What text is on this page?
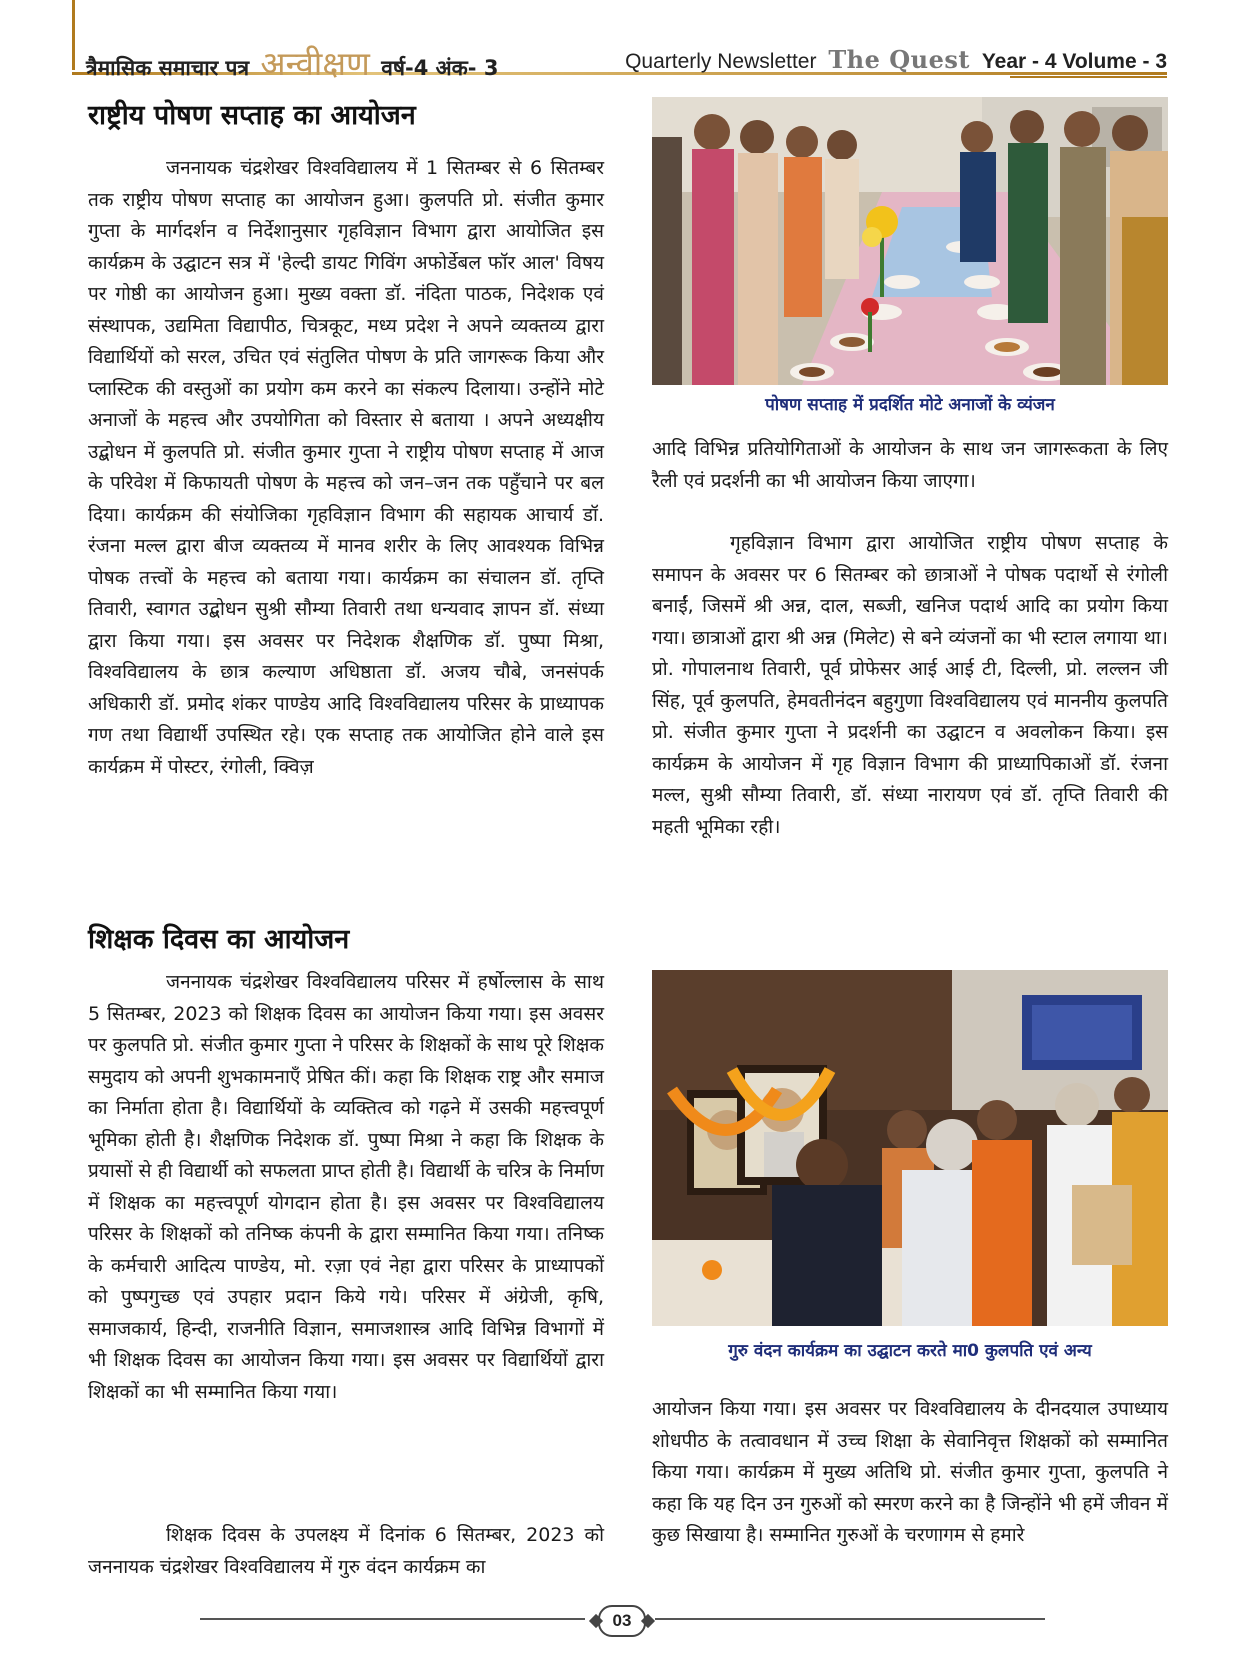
त्रैमासिक समाचार पत्र अन्वीक्षण वर्ष-4 अंक- 3	Quarterly Newsletter The Quest Year - 4 Volume - 3
राष्ट्रीय पोषण सप्ताह का आयोजन

जननायक चंद्रशेखर विश्वविद्यालय में 1 सितम्बर से 6 सितम्बर तक राष्ट्रीय पोषण सप्ताह का आयोजन हुआ। कुलपति प्रो. संजीत कुमार गुप्ता के मार्गदर्शन व निर्देशानुसार गृहविज्ञान विभाग द्वारा आयोजित इस कार्यक्रम के उद्घाटन सत्र में 'हेल्दी डायट गिविंग अफोर्डेबल फॉर आल' विषय पर गोष्ठी का आयोजन हुआ। मुख्य वक्ता डॉ. नंदिता पाठक, निदेशक एवं संस्थापक, उद्यमिता विद्यापीठ, चित्रकूट, मध्य प्रदेश ने अपने व्यक्तव्य द्वारा विद्यार्थियों को सरल, उचित एवं संतुलित पोषण के प्रति जागरूक किया और प्लास्टिक की वस्तुओं का प्रयोग कम करने का संकल्प दिलाया। उन्होंने मोटे अनाजों के महत्त्व और उपयोगिता को विस्तार से बताया । अपने अध्यक्षीय उद्बोधन में कुलपति प्रो. संजीत कुमार गुप्ता ने राष्ट्रीय पोषण सप्ताह में आज के परिवेश में किफायती पोषण के महत्त्व को जन–जन तक पहुँचाने पर बल दिया। कार्यक्रम की संयोजिका गृहविज्ञान विभाग की सहायक आचार्य डॉ. रंजना मल्ल द्वारा बीज व्यक्तव्य में मानव शरीर के लिए आवश्यक विभिन्न पोषक तत्त्वों के महत्त्व को बताया गया। कार्यक्रम का संचालन डॉ. तृप्ति तिवारी, स्वागत उद्बोधन सुश्री सौम्या तिवारी तथा धन्यवाद ज्ञापन डॉ. संध्या द्वारा किया गया। इस अवसर पर निदेशक शैक्षणिक डॉ. पुष्पा मिश्रा, विश्वविद्यालय के छात्र कल्याण अधिष्ठाता डॉ. अजय चौबे, जनसंपर्क अधिकारी डॉ. प्रमोद शंकर पाण्डेय आदि विश्वविद्यालय परिसर के प्राध्यापक गण तथा विद्यार्थी उपस्थित रहे। एक सप्ताह तक आयोजित होने वाले इस कार्यक्रम में पोस्टर, रंगोली, क्विज़

पोषण सप्ताह में प्रदर्शित मोटे अनाजों के व्यंजन

आदि विभिन्न प्रतियोगिताओं के आयोजन के साथ जन जागरूकता के लिए रैली एवं प्रदर्शनी का भी आयोजन किया जाएगा।

गृहविज्ञान विभाग द्वारा आयोजित राष्ट्रीय पोषण सप्ताह के समापन के अवसर पर 6 सितम्बर को छात्राओं ने पोषक पदार्थो से रंगोली बनाईं, जिसमें श्री अन्न, दाल, सब्जी, खनिज पदार्थ आदि का प्रयोग किया गया। छात्राओं द्वारा श्री अन्न (मिलेट) से बने व्यंजनों का भी स्टाल लगाया था। प्रो. गोपालनाथ तिवारी, पूर्व प्रोफेसर आई आई टी, दिल्ली, प्रो. लल्लन जी सिंह, पूर्व कुलपति, हेमवतीनंदन बहुगुणा विश्वविद्यालय एवं माननीय कुलपति प्रो. संजीत कुमार गुप्ता ने प्रदर्शनी का उद्घाटन व अवलोकन किया। इस कार्यक्रम के आयोजन में गृह विज्ञान विभाग की प्राध्यापिकाओं डॉ. रंजना मल्ल, सुश्री सौम्या तिवारी, डॉ. संध्या नारायण एवं डॉ. तृप्ति तिवारी की महती भूमिका रही।

शिक्षक दिवस का आयोजन

जननायक चंद्रशेखर विश्वविद्यालय परिसर में हर्षोल्लास के साथ 5 सितम्बर, 2023 को शिक्षक दिवस का आयोजन किया गया। इस अवसर पर कुलपति प्रो. संजीत कुमार गुप्ता ने परिसर के शिक्षकों के साथ पूरे शिक्षक समुदाय को अपनी शुभकामनाएँ प्रेषित कीं। कहा कि शिक्षक राष्ट्र और समाज का निर्माता होता है। विद्यार्थियों के व्यक्तित्व को गढ़ने में उसकी महत्त्वपूर्ण भूमिका होती है। शैक्षणिक निदेशक डॉ. पुष्पा मिश्रा ने कहा कि शिक्षक के प्रयासों से ही विद्यार्थी को सफलता प्राप्त होती है। विद्यार्थी के चरित्र के निर्माण में शिक्षक का महत्त्वपूर्ण योगदान होता है। इस अवसर पर विश्वविद्यालय परिसर के शिक्षकों को तनिष्क कंपनी के द्वारा सम्मानित किया गया। तनिष्क के कर्मचारी आदित्य पाण्डेय, मो. रज़ा एवं नेहा द्वारा परिसर के प्राध्यापकों को पुष्पगुच्छ एवं उपहार प्रदान किये गये। परिसर में अंग्रेजी, कृषि, समाजकार्य, हिन्दी, राजनीति विज्ञान, समाजशास्त्र आदि विभिन्न विभागों में भी शिक्षक दिवस का आयोजन किया गया। इस अवसर पर विद्यार्थियों द्वारा शिक्षकों का भी सम्मानित किया गया।

शिक्षक दिवस के उपलक्ष्य में दिनांक 6 सितम्बर, 2023 को जननायक चंद्रशेखर विश्वविद्यालय में गुरु वंदन कार्यक्रम का

गुरु वंदन कार्यक्रम का उद्घाटन करते मा0 कुलपति एवं अन्य

आयोजन किया गया। इस अवसर पर विश्वविद्यालय के दीनदयाल उपाध्याय शोधपीठ के तत्वावधान में उच्च शिक्षा के सेवानिवृत्त शिक्षकों को सम्मानित किया गया। कार्यक्रम में मुख्य अतिथि प्रो. संजीत कुमार गुप्ता, कुलपति ने कहा कि यह दिन उन गुरुओं को स्मरण करने का है जिन्होंने भी हमें जीवन में कुछ सिखाया है। सम्मानित गुरुओं के चरणागम से हमारे

03
